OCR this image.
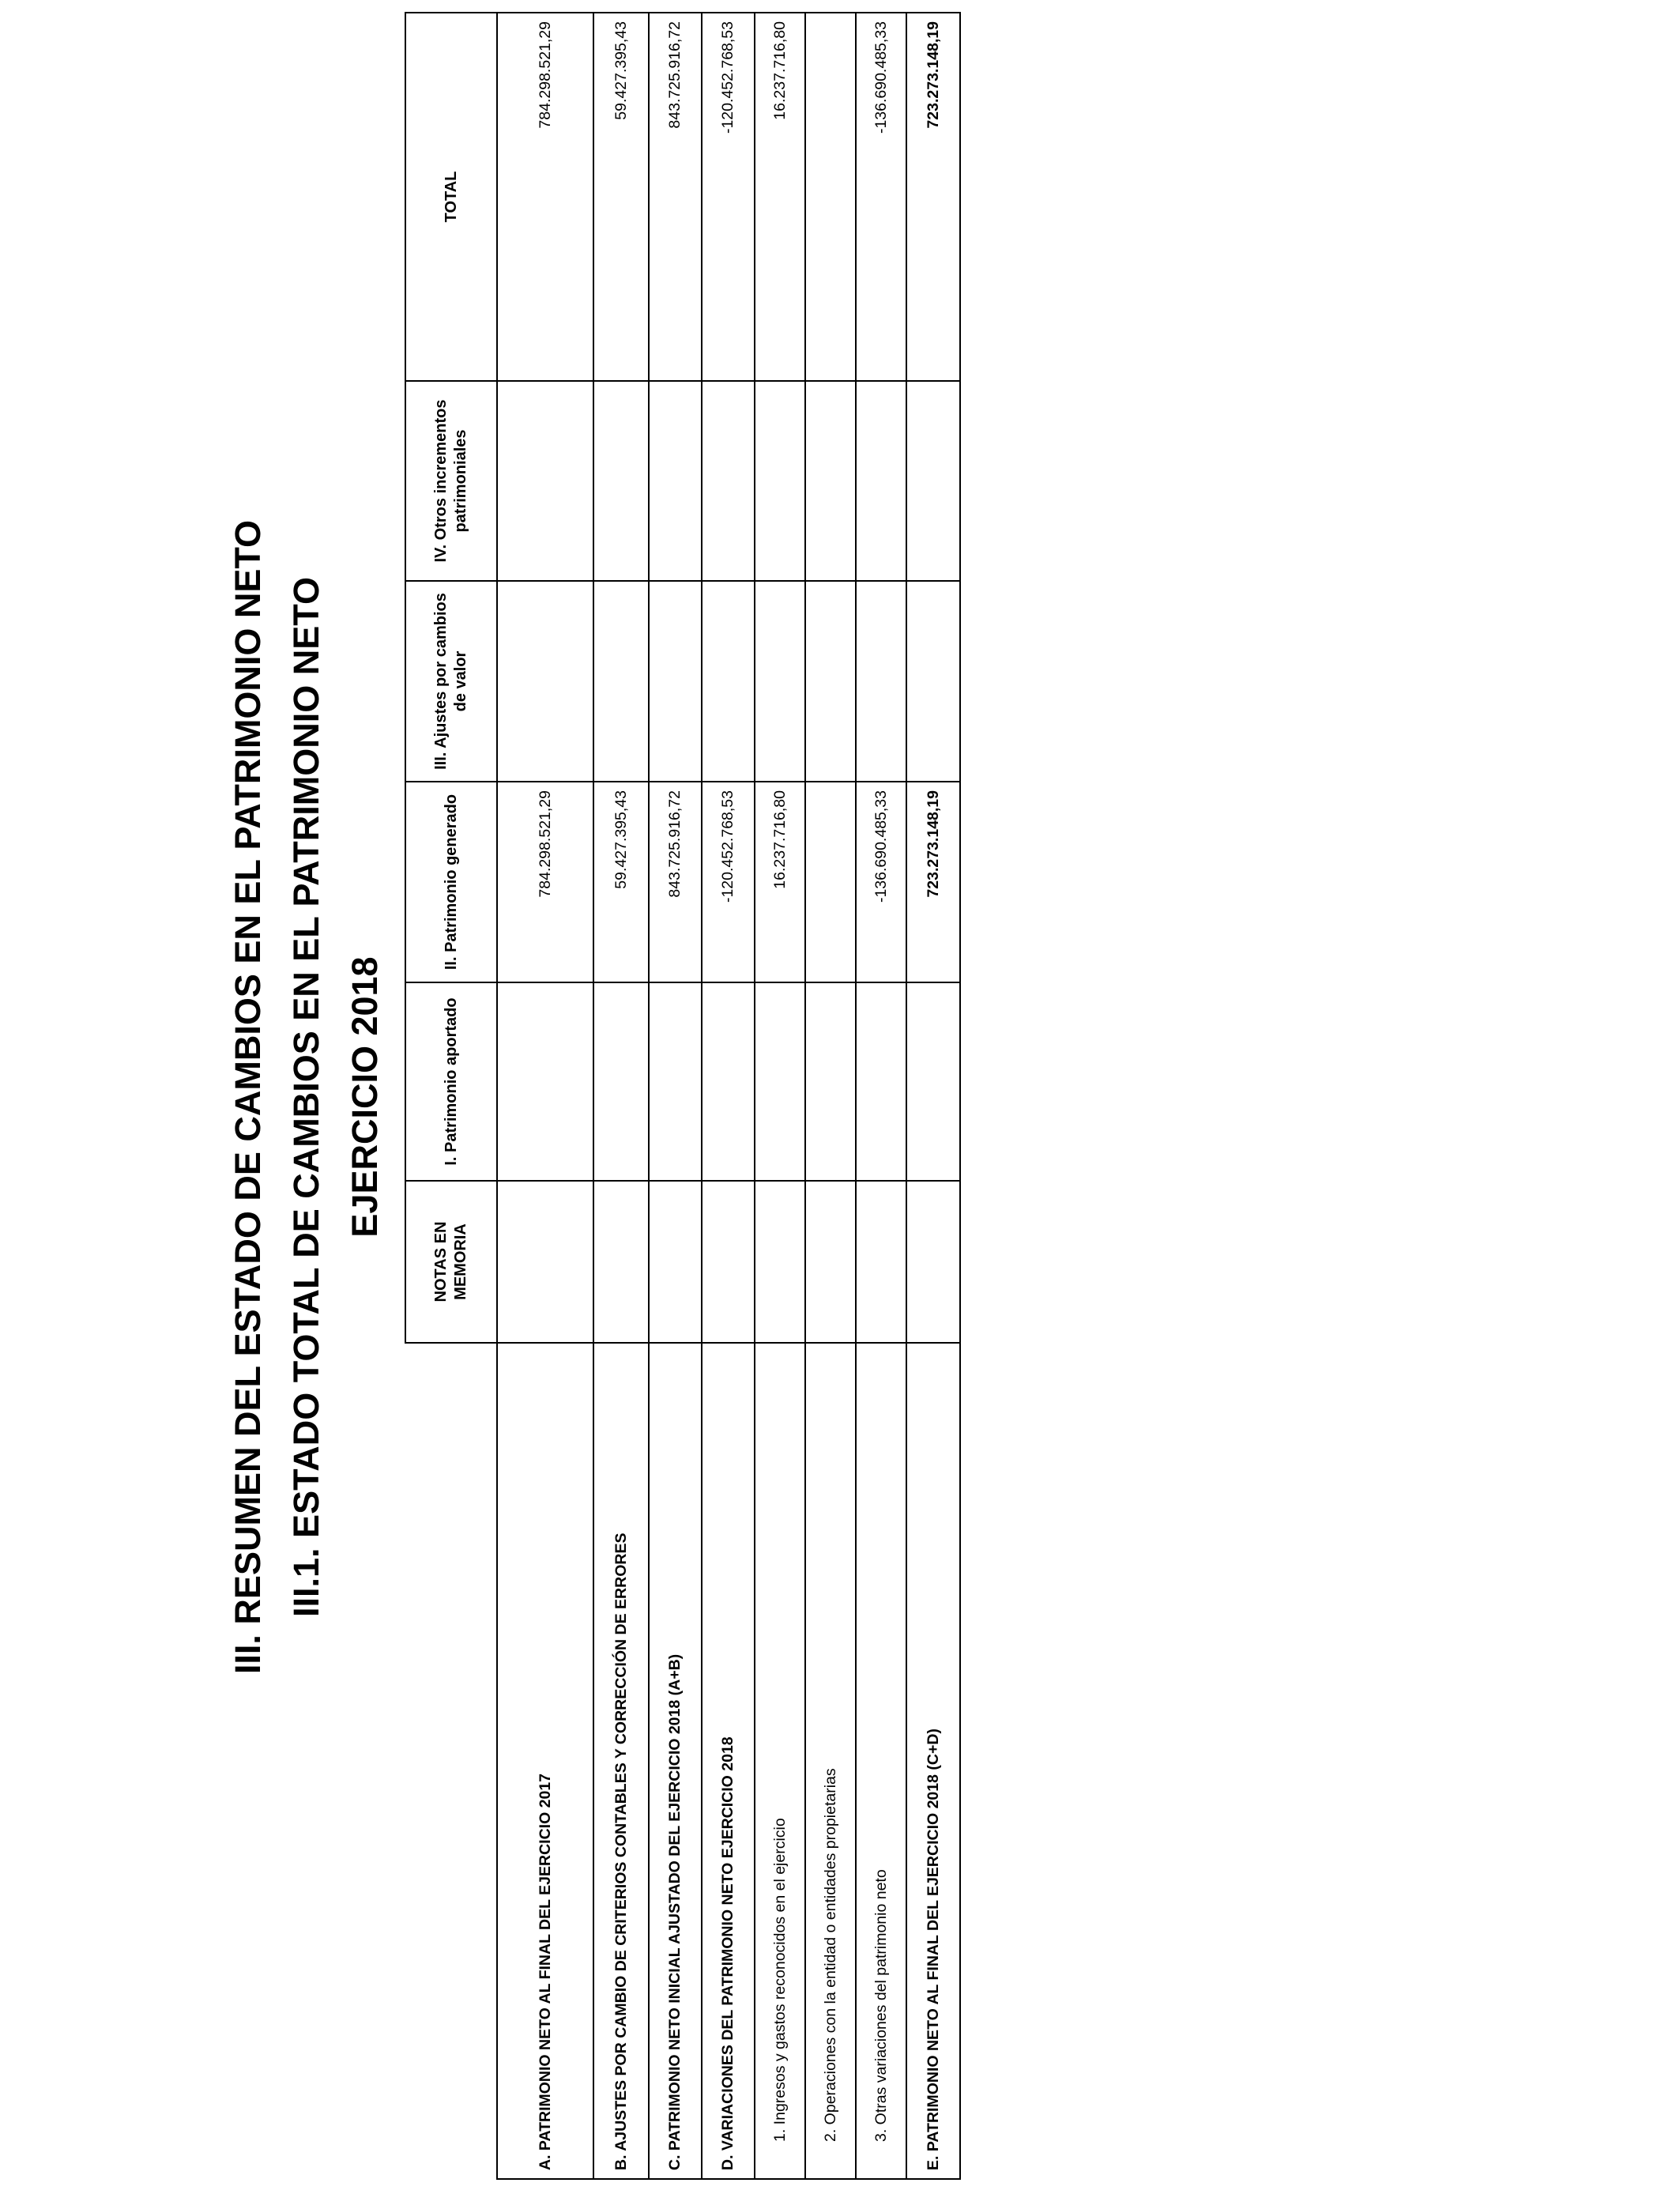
III. RESUMEN DEL ESTADO DE CAMBIOS EN EL PATRIMONIO NETO III.1. ESTADO TOTAL DE CAMBIOS EN EL PATRIMONIO NETO EJERCICIO 2018
	NOTAS EN MEMORIA	I. Patrimonio aportado	II. Patrimonio generado	III. Ajustes por cambios de valor	IV. Otros incrementos patrimoniales	TOTAL
A. PATRIMONIO NETO AL FINAL DEL EJERCICIO 2017			784.298.521,29			784.298.521,29
B. AJUSTES POR CAMBIO DE CRITERIOS CONTABLES Y CORRECCIÓN DE ERRORES			59.427.395,43			59.427.395,43
C. PATRIMONIO NETO INICIAL AJUSTADO DEL EJERCICIO 2018 (A+B)			843.725.916,72			843.725.916,72
D. VARIACIONES DEL PATRIMONIO NETO EJERCICIO 2018			-120.452.768,53			-120.452.768,53
1. Ingresos y gastos reconocidos en el ejercicio			16.237.716,80			16.237.716,80
2. Operaciones con la entidad o entidades propietarias						
3. Otras variaciones del patrimonio neto			-136.690.485,33			-136.690.485,33
E. PATRIMONIO NETO AL FINAL DEL EJERCICIO 2018 (C+D)			723.273.148,19			723.273.148,19
